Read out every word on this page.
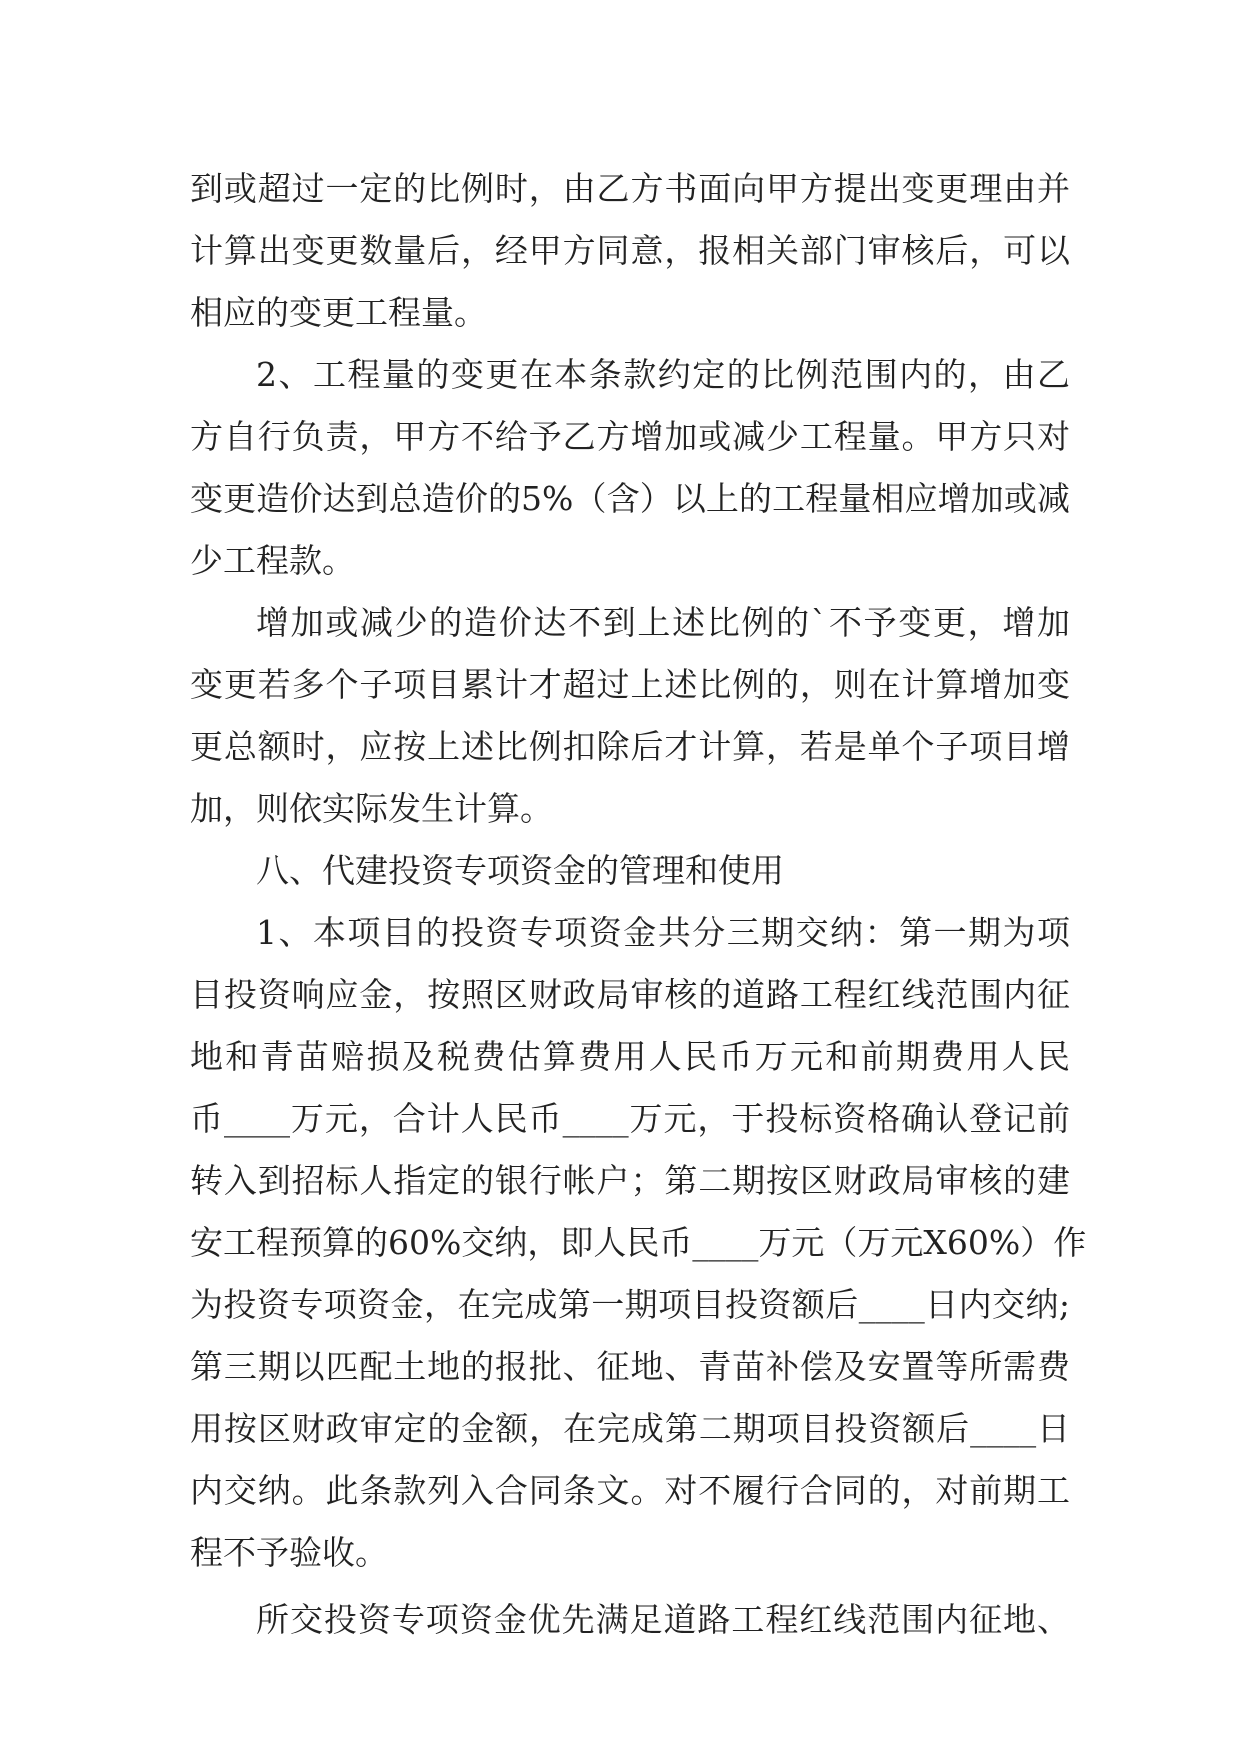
到或超过一定的比例时，由乙方书面向甲方提出变更理由并
计算出变更数量后，经甲方同意，报相关部门审核后，可以
相应的变更工程量。
2、工程量的变更在本条款约定的比例范围内的，由乙
方自行负责，甲方不给予乙方增加或减少工程量。甲方只对
变更造价达到总造价的5%（含）以上的工程量相应增加或减
少工程款。
增加或减少的造价达不到上述比例的`不予变更，增加
变更若多个子项目累计才超过上述比例的，则在计算增加变
更总额时，应按上述比例扣除后才计算，若是单个子项目增
加，则依实际发生计算。
八、代建投资专项资金的管理和使用
1、本项目的投资专项资金共分三期交纳：第一期为项
目投资响应金，按照区财政局审核的道路工程红线范围内征
地和青苗赔损及税费估算费用人民币万元和前期费用人民
币____万元，合计人民币____万元，于投标资格确认登记前
转入到招标人指定的银行帐户；第二期按区财政局审核的建
安工程预算的60%交纳，即人民币____万元（万元X60%）作
为投资专项资金，在完成第一期项目投资额后____日内交纳;
第三期以匹配土地的报批、征地、青苗补偿及安置等所需费
用按区财政审定的金额，在完成第二期项目投资额后____日
内交纳。此条款列入合同条文。对不履行合同的，对前期工
程不予验收。
所交投资专项资金优先满足道路工程红线范围内征地、
